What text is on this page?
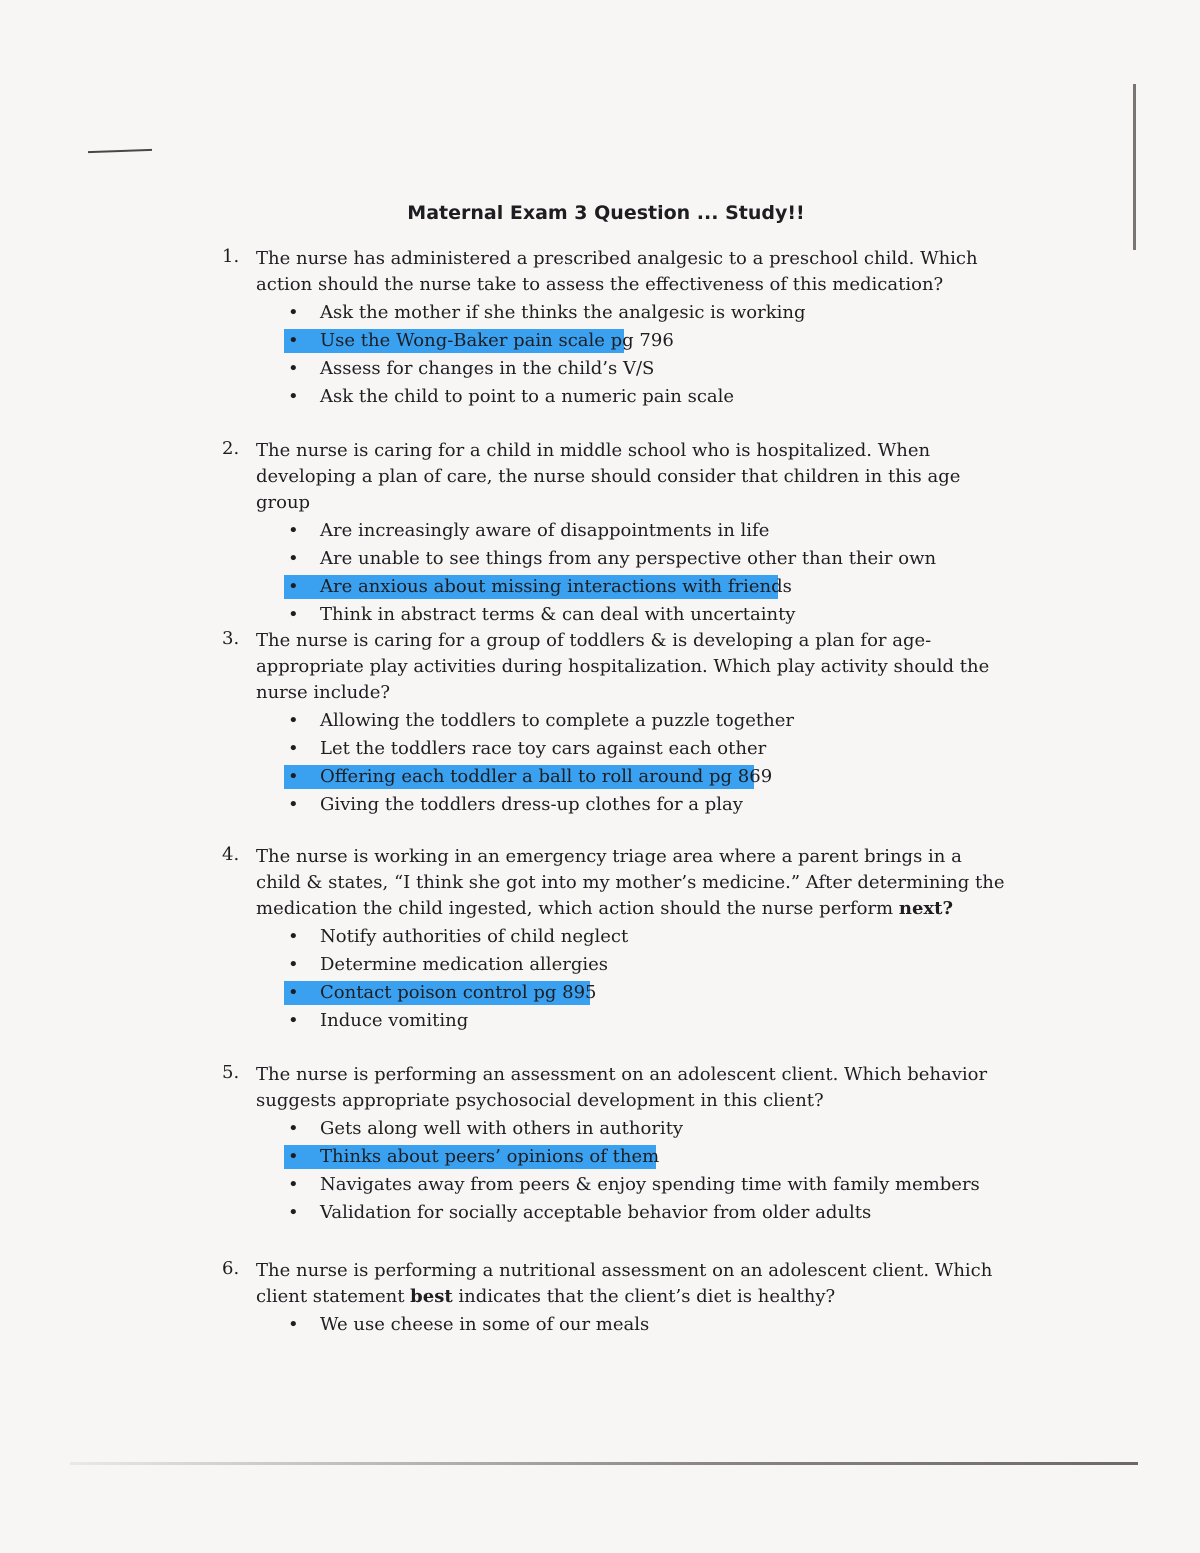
Maternal Exam 3 Question ... Study!!
1. The nurse has administered a prescribed analgesic to a preschool child. Which action should the nurse take to assess the effectiveness of this medication?
• Ask the mother if she thinks the analgesic is working
• Use the Wong-Baker pain scale pg 796
• Assess for changes in the child’s V/S
• Ask the child to point to a numeric pain scale
2. The nurse is caring for a child in middle school who is hospitalized. When developing a plan of care, the nurse should consider that children in this age group
• Are increasingly aware of disappointments in life
• Are unable to see things from any perspective other than their own
• Are anxious about missing interactions with friends
• Think in abstract terms & can deal with uncertainty
3. The nurse is caring for a group of toddlers & is developing a plan for age-appropriate play activities during hospitalization. Which play activity should the nurse include?
• Allowing the toddlers to complete a puzzle together
• Let the toddlers race toy cars against each other
• Offering each toddler a ball to roll around pg 869
• Giving the toddlers dress-up clothes for a play
4. The nurse is working in an emergency triage area where a parent brings in a child & states, “I think she got into my mother’s medicine.” After determining the medication the child ingested, which action should the nurse perform next?
• Notify authorities of child neglect
• Determine medication allergies
• Contact poison control pg 895
• Induce vomiting
5. The nurse is performing an assessment on an adolescent client. Which behavior suggests appropriate psychosocial development in this client?
• Gets along well with others in authority
• Thinks about peers’ opinions of them
• Navigates away from peers & enjoy spending time with family members
• Validation for socially acceptable behavior from older adults
6. The nurse is performing a nutritional assessment on an adolescent client. Which client statement best indicates that the client’s diet is healthy?
• We use cheese in some of our meals
